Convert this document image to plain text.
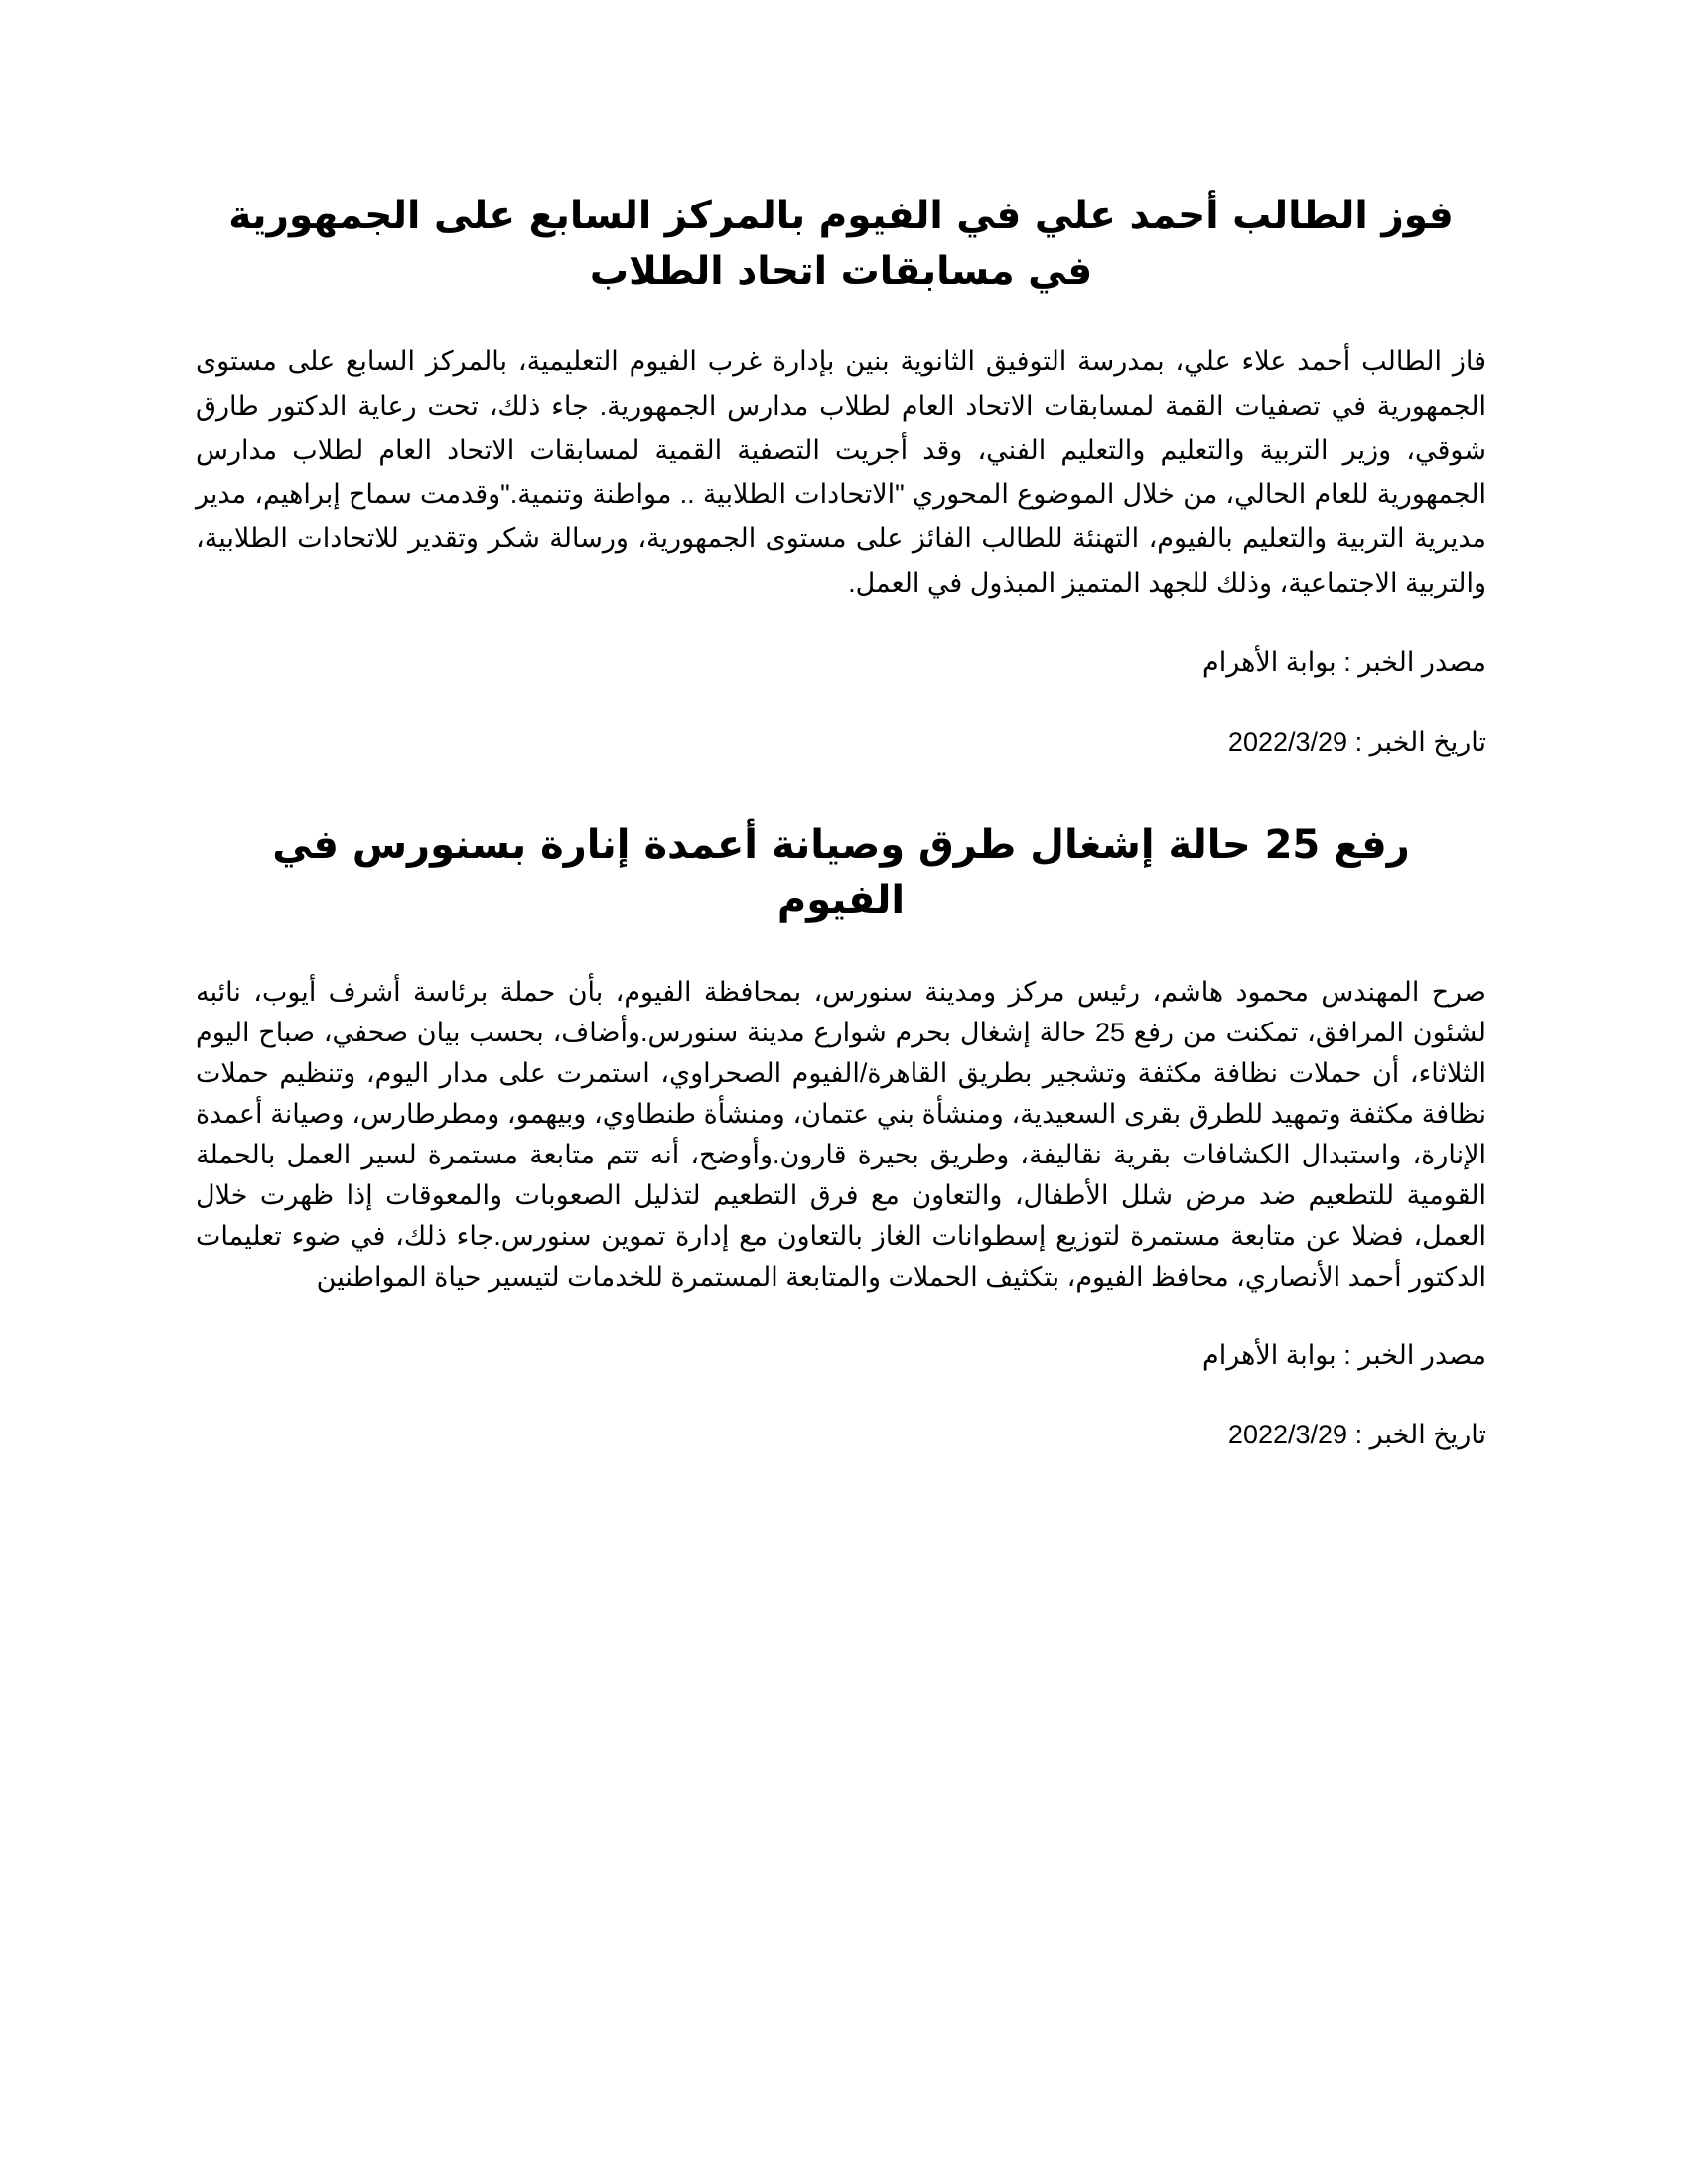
فوز الطالب أحمد علي في الفيوم بالمركز السابع على الجمهورية في مسابقات اتحاد الطلاب

فاز الطالب أحمد علاء علي، بمدرسة التوفيق الثانوية بنين بإدارة غرب الفيوم التعليمية، بالمركز السابع على مستوى الجمهورية في تصفيات القمة لمسابقات الاتحاد العام لطلاب مدارس الجمهورية. جاء ذلك، تحت رعاية الدكتور طارق شوقي، وزير التربية والتعليم والتعليم الفني، وقد أجريت التصفية القمية لمسابقات الاتحاد العام لطلاب مدارس الجمهورية للعام الحالي، من خلال الموضوع المحوري "الاتحادات الطلابية .. مواطنة وتنمية."وقدمت سماح إبراهيم، مدير مديرية التربية والتعليم بالفيوم، التهنئة للطالب الفائز على مستوى الجمهورية، ورسالة شكر وتقدير للاتحادات الطلابية، والتربية الاجتماعية، وذلك للجهد المتميز المبذول في العمل.

مصدر الخبر : بوابة الأهرام
تاريخ الخبر : 2022/3/29
رفع 25 حالة إشغال طرق وصيانة أعمدة إنارة بسنورس في الفيوم

صرح المهندس محمود هاشم، رئيس مركز ومدينة سنورس، بمحافظة الفيوم، بأن حملة برئاسة أشرف أيوب، نائبه لشئون المرافق، تمكنت من رفع 25 حالة إشغال بحرم شوارع مدينة سنورس.وأضاف، بحسب بيان صحفي، صباح اليوم الثلاثاء، أن حملات نظافة مكثفة وتشجير بطريق القاهرة/الفيوم الصحراوي، استمرت على مدار اليوم، وتنظيم حملات نظافة مكثفة وتمهيد للطرق بقرى السعيدية، ومنشأة بني عتمان، ومنشأة طنطاوي، وبيهمو، ومطرطارس، وصيانة أعمدة الإنارة، واستبدال الكشافات بقرية نقاليفة، وطريق بحيرة قارون.وأوضح، أنه تتم متابعة مستمرة لسير العمل بالحملة القومية للتطعيم ضد مرض شلل الأطفال، والتعاون مع فرق التطعيم لتذليل الصعوبات والمعوقات إذا ظهرت خلال العمل، فضلا عن متابعة مستمرة لتوزيع إسطوانات الغاز بالتعاون مع إدارة تموين سنورس.جاء ذلك، في ضوء تعليمات الدكتور أحمد الأنصاري، محافظ الفيوم، بتكثيف الحملات والمتابعة المستمرة للخدمات لتيسير حياة المواطنين

مصدر الخبر : بوابة الأهرام
تاريخ الخبر : 2022/3/29
